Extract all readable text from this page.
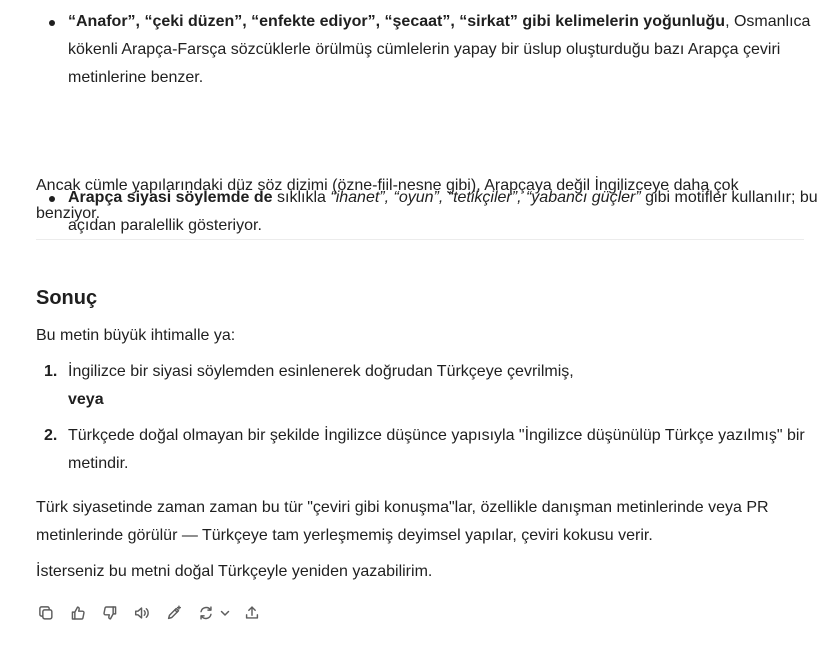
“Anafor”, “çeki düzen”, “enfekte ediyor”, “şecaat”, “sirkat” gibi kelimelerin yoğunluğu, Osmanlıca kökenli Arapça-Farsça sözcüklerle örülmüş cümlelerin yapay bir üslup oluşturduğu bazı Arapça çeviri metinlerine benzer.
Arapça siyasi söylemde de sıklıkla “ihanet”, “oyun”, “tetikçiler”, “yabancı güçler” gibi motifler kullanılır; bu açıdan paralellik gösteriyor.

Ancak cümle yapılarındaki düz söz dizimi (özne-fiil-nesne gibi), Arapçaya değil İngilizceye daha çok benziyor.

Sonuç

Bu metin büyük ihtimalle ya:

1. İngilizce bir siyasi söylemden esinlenerek doğrudan Türkçeye çevrilmiş,
veya
2. Türkçede doğal olmayan bir şekilde İngilizce düşünce yapısıyla "İngilizce düşünülüp Türkçe yazılmış" bir metindir.

Türk siyasetinde zaman zaman bu tür "çeviri gibi konuşma"lar, özellikle danışman metinlerinde veya PR metinlerinde görülür — Türkçeye tam yerleşmemiş deyimsel yapılar, çeviri kokusu verir.

İsterseniz bu metni doğal Türkçeyle yeniden yazabilirim.
